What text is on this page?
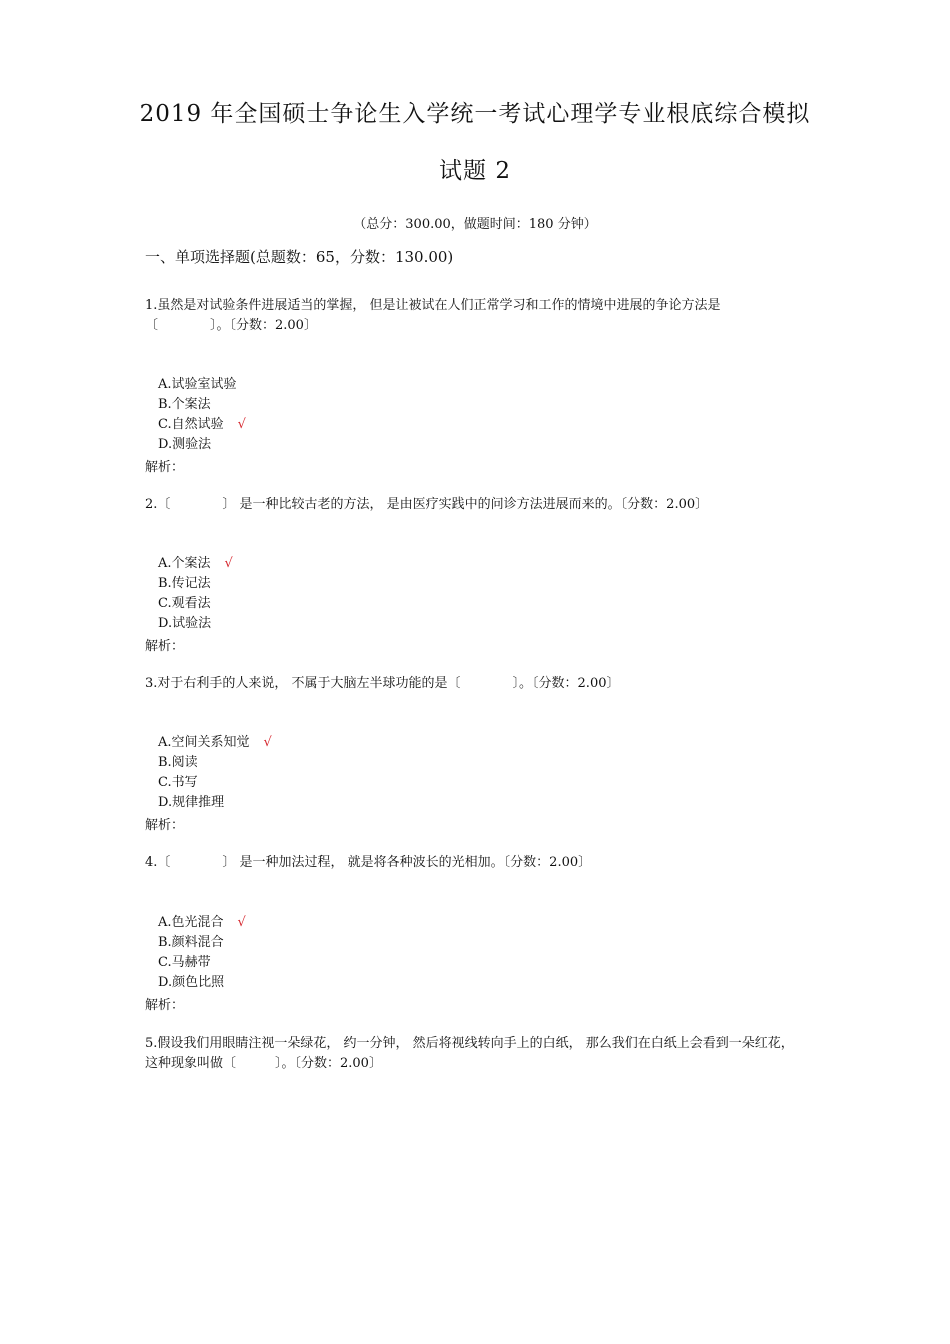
2019 年全国硕士争论生入学统一考试心理学专业根底综合模拟
试题 2
（总分：300.00，做题时间：180 分钟）
一、单项选择题(总题数：65，分数：130.00)
1.虽然是对试验条件进展适当的掌握， 但是让被试在人们正常学习和工作的情境中进展的争论方法是〔　　　　〕。〔分数：2.00〕
A.试验室试验
B.个案法
C.自然试验 √
D.测验法
解析：
2.〔　　　　〕 是一种比较古老的方法， 是由医疗实践中的问诊方法进展而来的。〔分数：2.00〕
A.个案法 √
B.传记法
C.观看法
D.试验法
解析：
3.对于右利手的人来说， 不属于大脑左半球功能的是〔　　　　〕。〔分数：2.00〕
A.空间关系知觉 √
B.阅读
C.书写
D.规律推理
解析：
4.〔　　　　〕 是一种加法过程， 就是将各种波长的光相加。〔分数：2.00〕
A.色光混合 √
B.颜料混合
C.马赫带
D.颜色比照
解析：
5.假设我们用眼睛注视一朵绿花， 约一分钟， 然后将视线转向手上的白纸， 那么我们在白纸上会看到一朵红花， 这种现象叫做〔　　　〕。〔分数：2.00〕
